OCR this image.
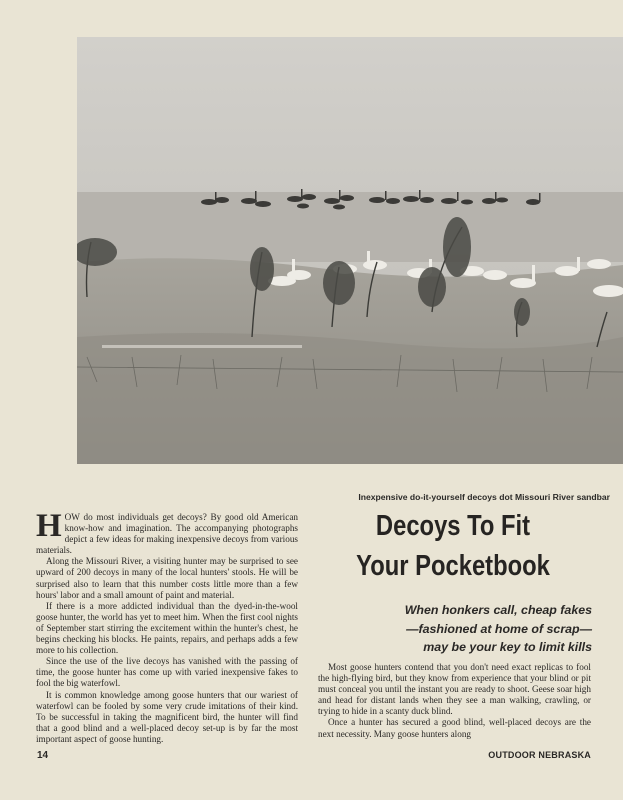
Inexpensive do-it-yourself decoys dot Missouri River sandbar

HOW do most individuals get decoys? By good old American know-how and imagination. The accompanying photographs depict a few ideas for making inexpensive decoys from various materials.

Along the Missouri River, a visiting hunter may be surprised to see upward of 200 decoys in many of the local hunters' stools. He will be surprised also to learn that this number costs little more than a few hours' labor and a small amount of paint and material.

If there is a more addicted individual than the dyed-in-the-wool goose hunter, the world has yet to meet him. When the first cool nights of September start stirring the excitement within the hunter's chest, he begins checking his blocks. He paints, repairs, and perhaps adds a few more to his collection.

Since the use of the live decoys has vanished with the passing of time, the goose hunter has come up with varied inexpensive fakes to fool the big waterfowl.

It is common knowledge among goose hunters that our wariest of waterfowl can be fooled by some very crude imitations of their kind. To be successful in taking the magnificent bird, the hunter will find that a good blind and a well-placed decoy set-up is by far the most important aspect of goose hunting.

Decoys To Fit
Your Pocketbook
When honkers call, cheap fakes
—fashioned at home of scrap—
may be your key to limit kills

Most goose hunters contend that you don't need exact replicas to fool the high-flying bird, but they know from experience that your blind or pit must conceal you until the instant you are ready to shoot. Geese soar high and head for distant lands when they see a man walking, crawling, or trying to hide in a scanty duck blind.

Once a hunter has secured a good blind, well-placed decoys are the next necessity. Many goose hunters along

14	OUTDOOR NEBRASKA
